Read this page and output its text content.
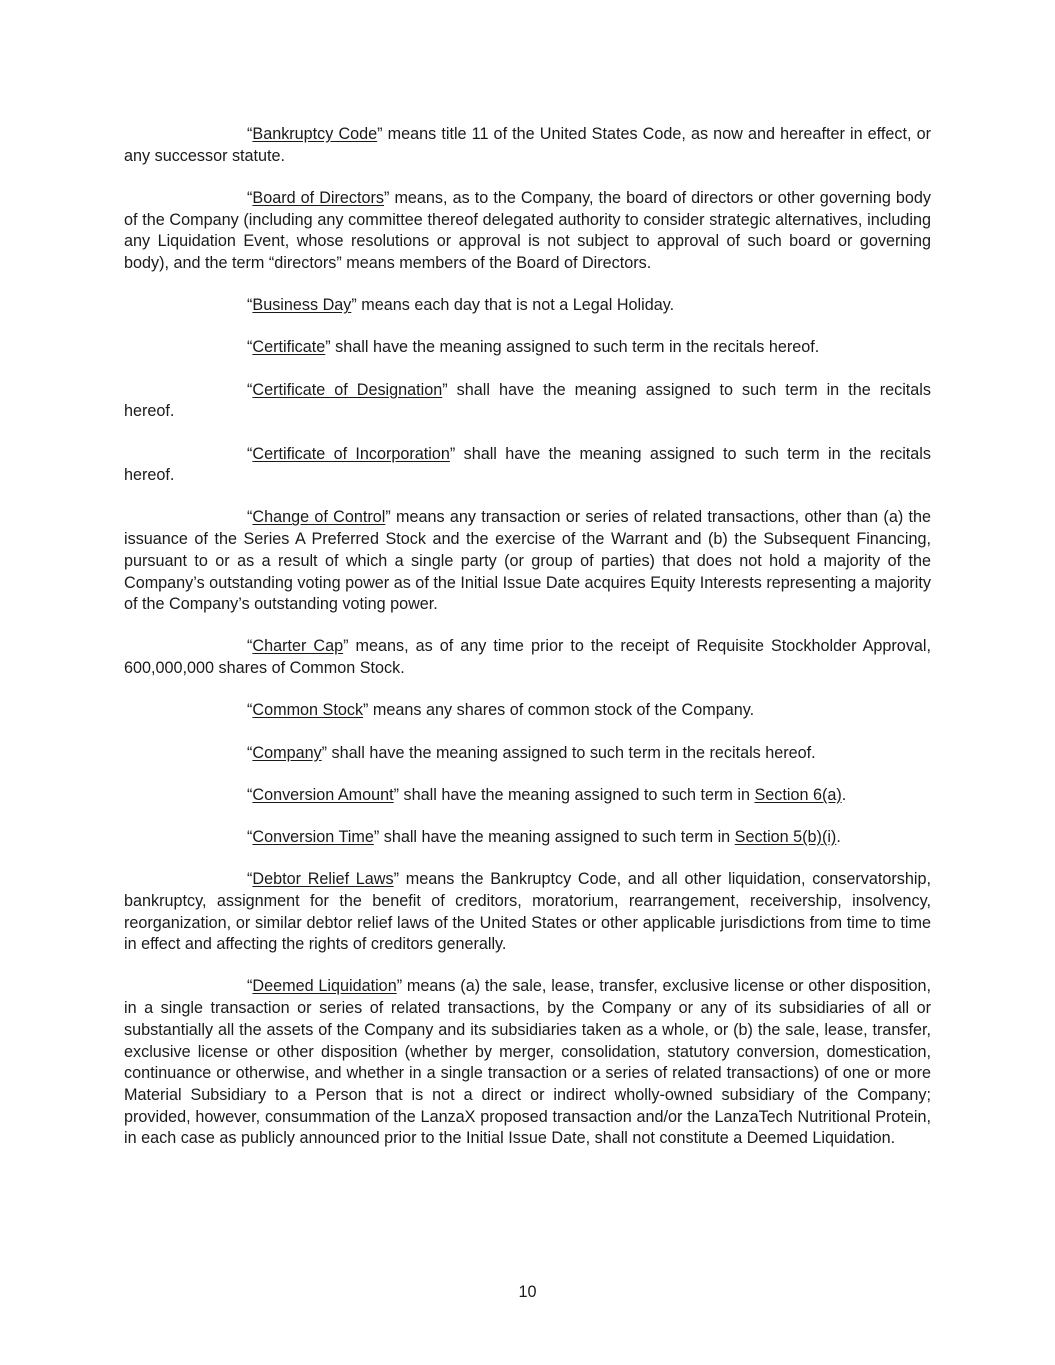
“Bankruptcy Code” means title 11 of the United States Code, as now and hereafter in effect, or any successor statute.

“Board of Directors” means, as to the Company, the board of directors or other governing body of the Company (including any committee thereof delegated authority to consider strategic alternatives, including any Liquidation Event, whose resolutions or approval is not subject to approval of such board or governing body), and the term “directors” means members of the Board of Directors.

“Business Day” means each day that is not a Legal Holiday.

“Certificate” shall have the meaning assigned to such term in the recitals hereof.

“Certificate of Designation” shall have the meaning assigned to such term in the recitals
hereof.

“Certificate of Incorporation” shall have the meaning assigned to such term in the recitals
hereof.

“Change of Control” means any transaction or series of related transactions, other than (a) the issuance of the Series A Preferred Stock and the exercise of the Warrant and (b) the Subsequent Financing, pursuant to or as a result of which a single party (or group of parties) that does not hold a majority of the Company’s outstanding voting power as of the Initial Issue Date acquires Equity Interests representing a majority of the Company’s outstanding voting power.

“Charter Cap” means, as of any time prior to the receipt of Requisite Stockholder Approval, 600,000,000 shares of Common Stock.

“Common Stock” means any shares of common stock of the Company.

“Company” shall have the meaning assigned to such term in the recitals hereof.

“Conversion Amount” shall have the meaning assigned to such term in Section 6(a).

“Conversion Time” shall have the meaning assigned to such term in Section 5(b)(i).

“Debtor Relief Laws” means the Bankruptcy Code, and all other liquidation, conservatorship, bankruptcy, assignment for the benefit of creditors, moratorium, rearrangement, receivership, insolvency, reorganization, or similar debtor relief laws of the United States or other applicable jurisdictions from time to time in effect and affecting the rights of creditors generally.

“Deemed Liquidation” means (a) the sale, lease, transfer, exclusive license or other disposition, in a single transaction or series of related transactions, by the Company or any of its subsidiaries of all or substantially all the assets of the Company and its subsidiaries taken as a whole, or (b) the sale, lease, transfer, exclusive license or other disposition (whether by merger, consolidation, statutory conversion, domestication, continuance or otherwise, and whether in a single transaction or a series of related transactions) of one or more Material Subsidiary to a Person that is not a direct or indirect wholly-owned subsidiary of the Company; provided, however, consummation of the LanzaX proposed transaction and/or the LanzaTech Nutritional Protein, in each case as publicly announced prior to the Initial Issue Date, shall not constitute a Deemed Liquidation.

10
